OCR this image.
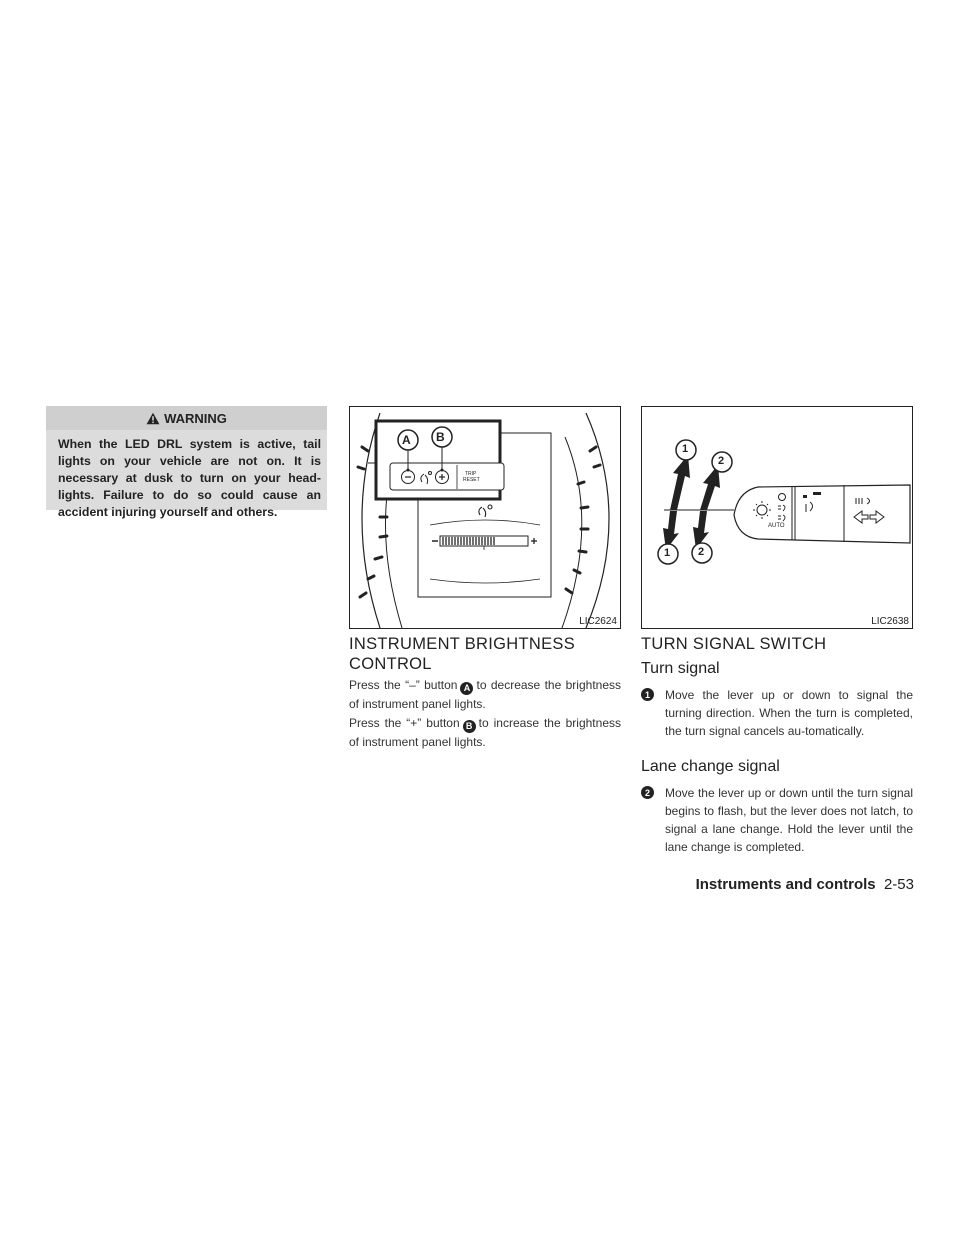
WARNING
When the LED DRL system is active, tail lights on your vehicle are not on. It is necessary at dusk to turn on your head-lights. Failure to do so could cause an accident injuring yourself and others.
A B
TRIP
RESET
LIC2624
1
2
1	2
AUTO
LIC2638
INSTRUMENT BRIGHTNESS
CONTROL
Press the “–” button A to decrease the brightness of instrument panel lights.
Press the “+” button B to increase the brightness of instrument panel lights.
TURN SIGNAL SWITCH
Turn signal
1	Move the lever up or down to signal the turning direction. When the turn is completed, the turn signal cancels au-tomatically.
Lane change signal
2	Move the lever up or down until the turn signal begins to flash, but the lever does not latch, to signal a lane change. Hold the lever until the lane change is completed.
Instruments and controls 2-53
